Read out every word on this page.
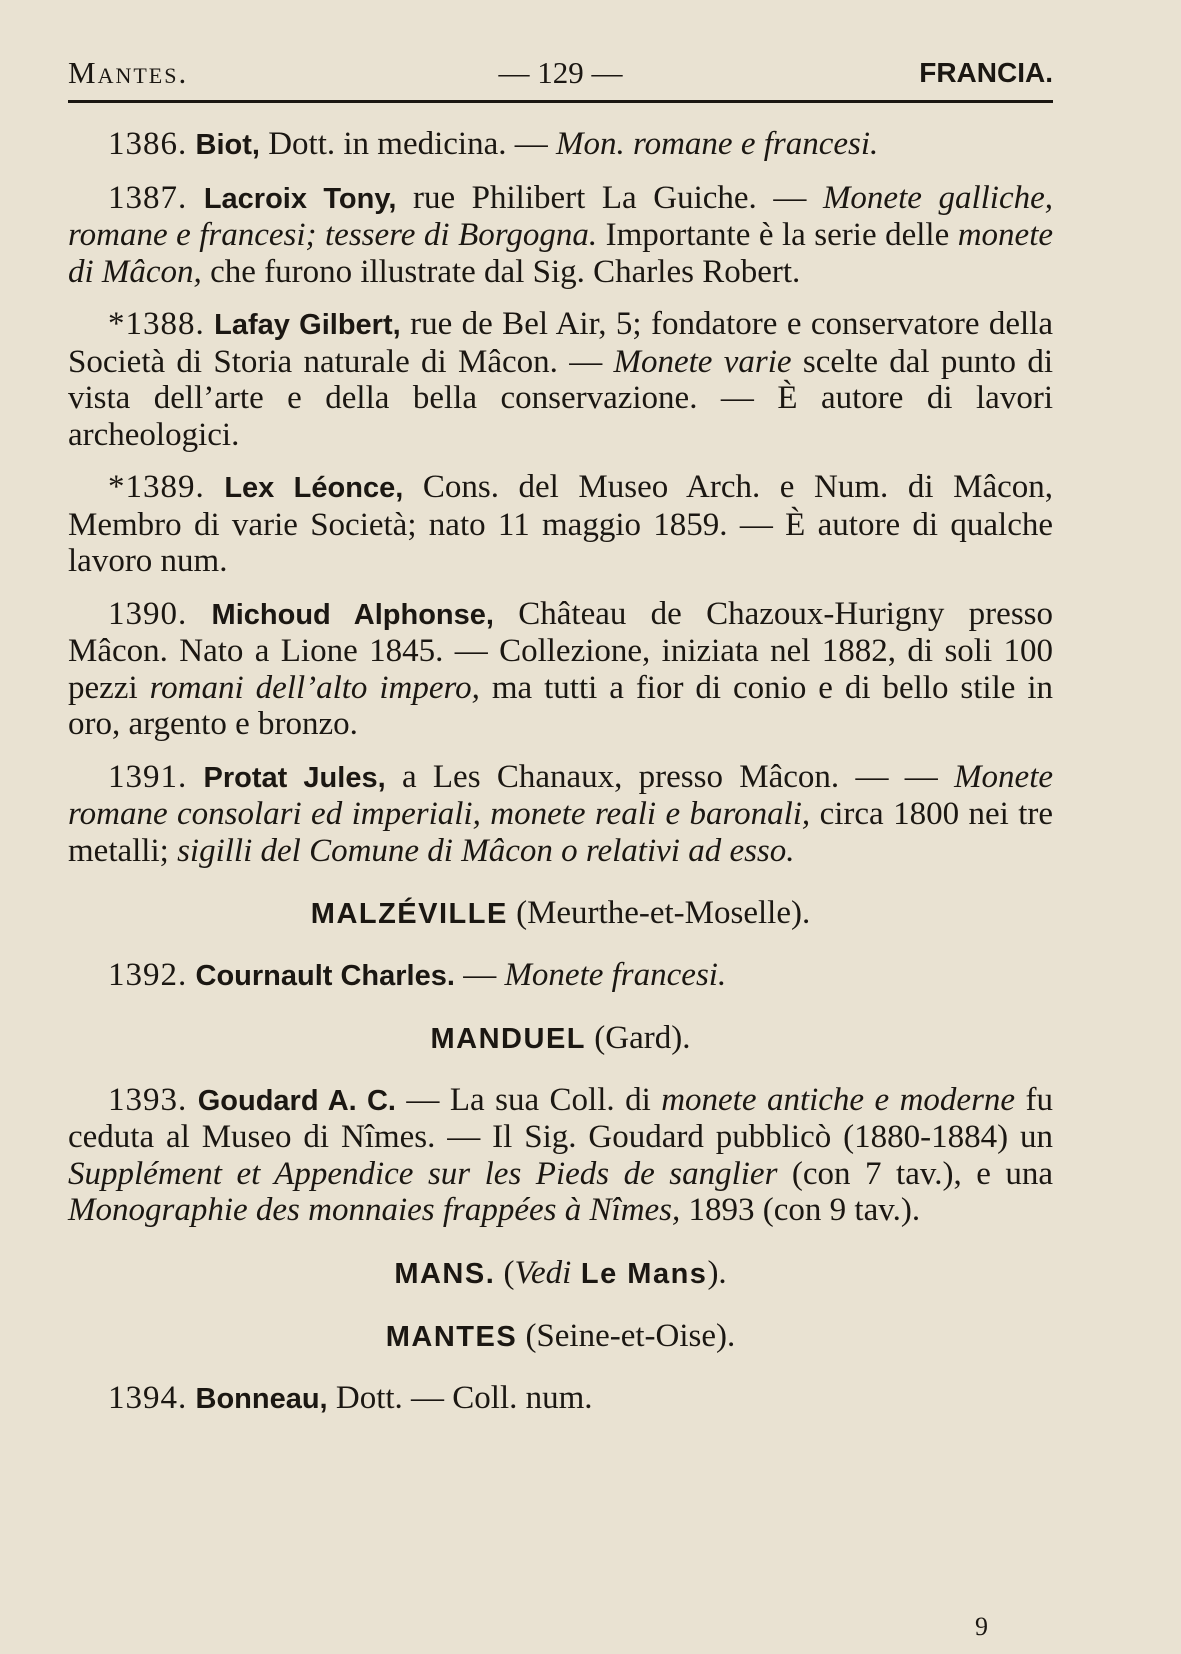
Mantes.	— 129 —	FRANCIA.

1386. Biot, Dott. in medicina. — Mon. romane e francesi.

1387. Lacroix Tony, rue Philibert La Guiche. — Monete galliche, romane e francesi; tessere di Borgogna. Importante è la serie delle monete di Mâcon, che furono illustrate dal Sig. Charles Robert.

*1388. Lafay Gilbert, rue de Bel Air, 5; fondatore e conservatore della Società di Storia naturale di Mâcon. — Monete varie scelte dal punto di vista dell’arte e della bella conservazione. — È autore di lavori archeologici.

*1389. Lex Léonce, Cons. del Museo Arch. e Num. di Mâcon, Membro di varie Società; nato 11 maggio 1859. — È autore di qualche lavoro num.

1390. Michoud Alphonse, Château de Chazoux-Hurigny presso Mâcon. Nato a Lione 1845. — Collezione, iniziata nel 1882, di soli 100 pezzi romani dell’alto impero, ma tutti a fior di conio e di bello stile in oro, argento e bronzo.

1391. Protat Jules, a Les Chanaux, presso Mâcon. — — Monete romane consolari ed imperiali, monete reali e baronali, circa 1800 nei tre metalli; sigilli del Comune di Mâcon o relativi ad esso.

MALZÉVILLE (Meurthe-et-Moselle).

1392. Cournault Charles. — Monete francesi.

MANDUEL (Gard).

1393. Goudard A. C. — La sua Coll. di monete antiche e moderne fu ceduta al Museo di Nîmes. — Il Sig. Goudard pubblicò (1880-1884) un Supplément et Appendice sur les Pieds de sanglier (con 7 tav.), e una Monographie des monnaies frappées à Nîmes, 1893 (con 9 tav.).

MANS. (Vedi Le Mans).

MANTES (Seine-et-Oise).

1394. Bonneau, Dott. — Coll. num.

9
